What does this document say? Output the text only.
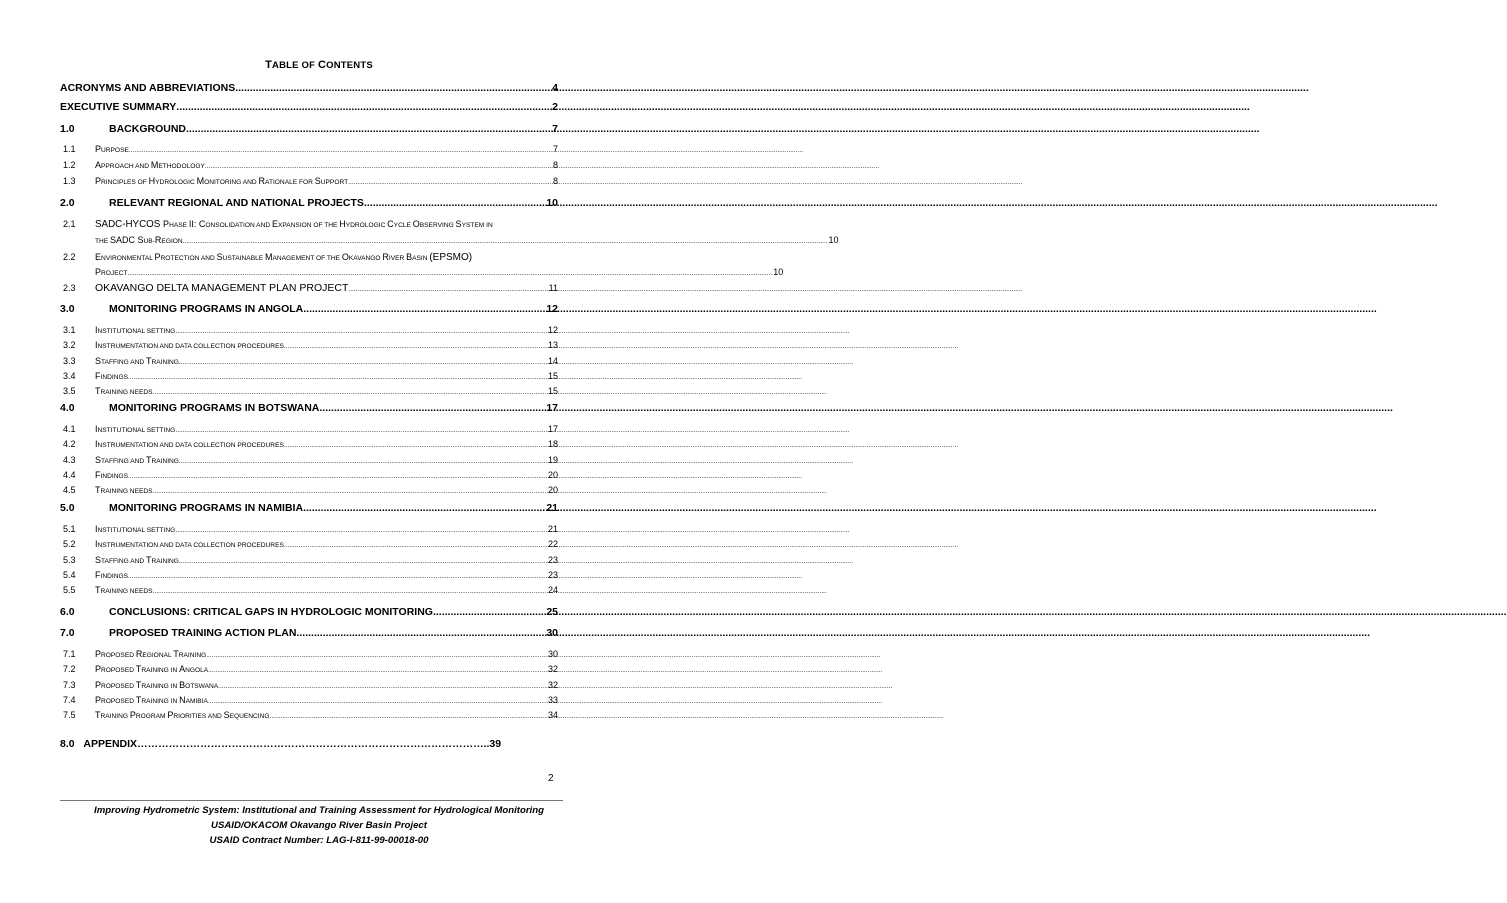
TABLE OF CONTENTS
ACRONYMS AND ABBREVIATIONS .....	4
EXECUTIVE SUMMARY .....	2
1.0	BACKGROUND .....	7
1.1	PURPOSE .....	7
1.2	APPROACH AND METHODOLOGY .....	8
1.3	PRINCIPLES OF HYDROLOGIC MONITORING AND RATIONALE FOR SUPPORT .....	8
2.0	RELEVANT REGIONAL AND NATIONAL PROJECTS .....	10
2.1	SADC-HYCOS PHASE II: CONSOLIDATION AND EXPANSION OF THE HYDROLOGIC CYCLE OBSERVING SYSTEM IN
THE SADC SUB-REGION .....	10
2.2	ENVIRONMENTAL PROTECTION AND SUSTAINABLE MANAGEMENT OF THE OKAVANGO RIVER BASIN (EPSMO)
PROJECT .....	10
2.3	OKAVANGO DELTA MANAGEMENT PLAN PROJECT .....	11
3.0	MONITORING PROGRAMS IN ANGOLA .....	12
3.1	INSTITUTIONAL SETTING .....	12
3.2	INSTRUMENTATION AND DATA COLLECTION PROCEDURES .....	13
3.3	STAFFING AND TRAINING .....	14
3.4	FINDINGS .....	15
3.5	TRAINING NEEDS .....	15
4.0	MONITORING PROGRAMS IN BOTSWANA .....	17
4.1	INSTITUTIONAL SETTING .....	17
4.2	INSTRUMENTATION AND DATA COLLECTION PROCEDURES .....	18
4.3	STAFFING AND TRAINING .....	19
4.4	FINDINGS .....	20
4.5	TRAINING NEEDS .....	20
5.0	MONITORING PROGRAMS IN NAMIBIA .....	21
5.1	INSTITUTIONAL SETTING .....	21
5.2	INSTRUMENTATION AND DATA COLLECTION PROCEDURES .....	22
5.3	STAFFING AND TRAINING .....	23
5.4	FINDINGS .....	23
5.5	TRAINING NEEDS .....	24
6.0	CONCLUSIONS: CRITICAL GAPS IN HYDROLOGIC MONITORING .....	25
7.0	PROPOSED TRAINING ACTION PLAN .....	30
7.1	PROPOSED REGIONAL TRAINING .....	30
7.2	PROPOSED TRAINING IN ANGOLA .....	32
7.3	PROPOSED TRAINING IN BOTSWANA .....	32
7.4	PROPOSED TRAINING IN NAMIBIA .....	33
7.5	TRAINING PROGRAM PRIORITIES AND SEQUENCING .....	34
8.0 APPENDIX………………………………………………………………………………………..39
2
Improving Hydrometric System: Institutional and Training Assessment for Hydrological Monitoring
USAID/OKACOM Okavango River Basin Project
USAID Contract Number: LAG-I-811-99-00018-00
